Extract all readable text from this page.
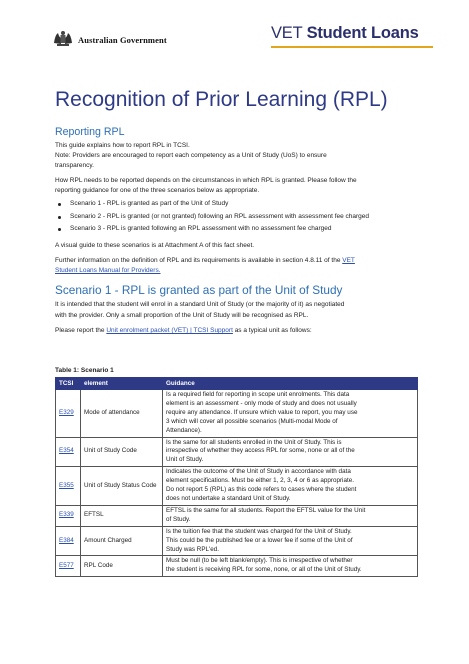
Australian Government	VET Student Loans
Recognition of Prior Learning (RPL)
Reporting RPL
This guide explains how to report RPL in TCSI.
Note: Providers are encouraged to report each competency as a Unit of Study (UoS) to ensure
transparency.
How RPL needs to be reported depends on the circumstances in which RPL is granted. Please follow the
reporting guidance for one of the three scenarios below as appropriate.
Scenario 1 - RPL is granted as part of the Unit of Study
Scenario 2 - RPL is granted (or not granted) following an RPL assessment with assessment fee charged
Scenario 3 - RPL is granted following an RPL assessment with no assessment fee charged
A visual guide to these scenarios is at Attachment A of this fact sheet.
Further information on the definition of RPL and its requirements is available in section 4.8.11 of the VET
Student Loans Manual for Providers.
Scenario 1 - RPL is granted as part of the Unit of Study
It is intended that the student will enrol in a standard Unit of Study (or the majority of it) as negotiated
with the provider. Only a small proportion of the Unit of Study will be recognised as RPL.
Please report the Unit enrolment packet (VET) | TCSI Support as a typical unit as follows:
Table 1: Scenario 1
TCSI	element	Guidance
E329	Mode of attendance	Is a required field for reporting in scope unit enrolments. This data
element is an assessment - only mode of study and does not usually
require any attendance. If unsure which value to report, you may use
3 which will cover all possible scenarios (Multi-modal Mode of
Attendance).

E354	Unit of Study Code	Is the same for all students enrolled in the Unit of Study. This is
irrespective of whether they access RPL for some, none or all of the
Unit of Study.

E355	Unit of Study Status Code	Indicates the outcome of the Unit of Study in accordance with data
element specifications. Must be either 1, 2, 3, 4 or 6 as appropriate.
Do not report 5 (RPL) as this code refers to cases where the student
does not undertake a standard Unit of Study.

E339	EFTSL	EFTSL is the same for all students. Report the EFTSL value for the Unit
of Study.

E384	Amount Charged	Is the tuition fee that the student was charged for the Unit of Study.
This could be the published fee or a lower fee if some of the Unit of
Study was RPL'ed.

E577	RPL Code	Must be null (to be left blank/empty). This is irrespective of whether
the student is receiving RPL for some, none, or all of the Unit of Study.
